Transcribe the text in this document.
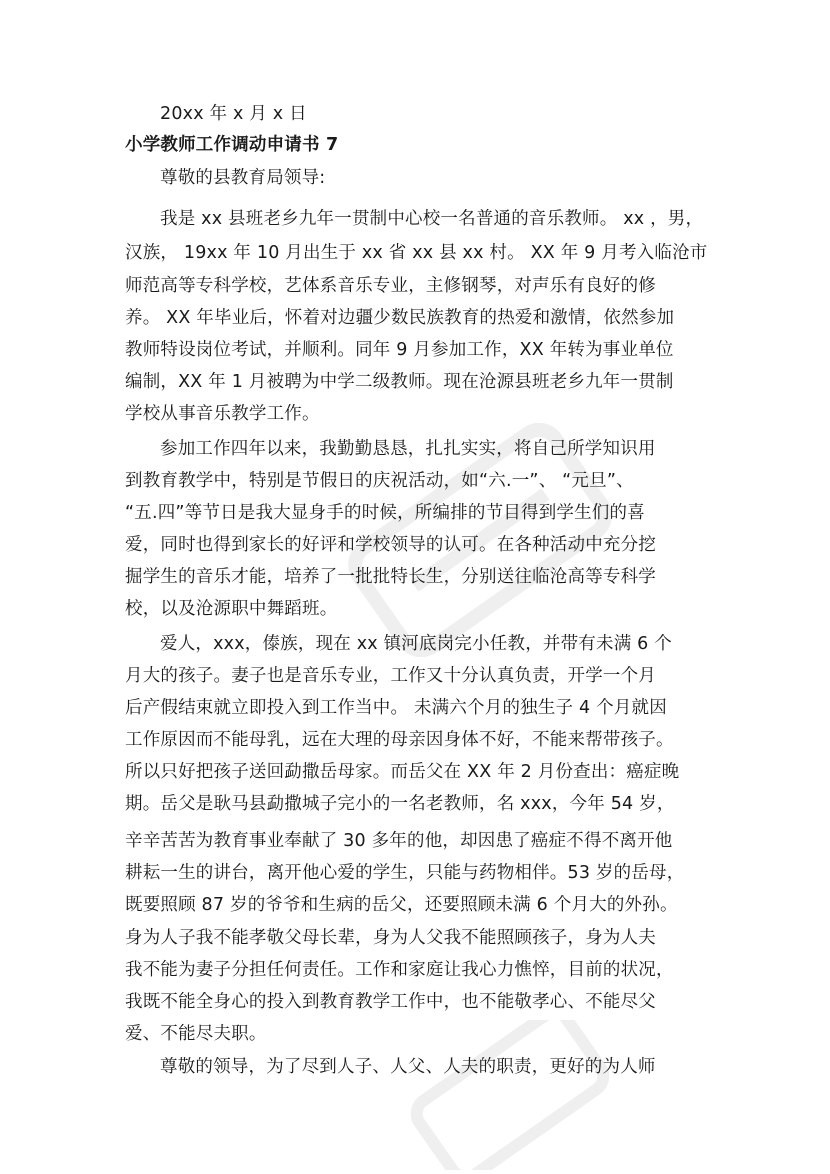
20xx 年 x 月 x 日
小学教师工作调动申请书 7
尊敬的县教育局领导:
我是 xx 县班老乡九年一贯制中心校一名普通的音乐教师。 xx ，男，
汉族， 19xx 年 10 月出生于 xx 省 xx 县 xx 村。 XX 年 9 月考入临沧市
师范高等专科学校，艺体系音乐专业，主修钢琴，对声乐有良好的修
养。 XX 年毕业后，怀着对边疆少数民族教育的热爱和激情，依然参加
教师特设岗位考试，并顺利。同年 9 月参加工作，XX 年转为事业单位
编制，XX 年 1 月被聘为中学二级教师。现在沧源县班老乡九年一贯制
学校从事音乐教学工作。
参加工作四年以来，我勤勤恳恳，扎扎实实，将自己所学知识用
到教育教学中，特别是节假日的庆祝活动，如“六.一”、 “元旦”、
“五.四”等节日是我大显身手的时候，所编排的节目得到学生们的喜
爱，同时也得到家长的好评和学校领导的认可。在各种活动中充分挖
掘学生的音乐才能，培养了一批批特长生，分别送往临沧高等专科学
校，以及沧源职中舞蹈班。
爱人，xxx，傣族，现在 xx 镇河底岗完小任教，并带有未满 6 个
月大的孩子。妻子也是音乐专业，工作又十分认真负责，开学一个月
后产假结束就立即投入到工作当中。 未满六个月的独生子 4 个月就因
工作原因而不能母乳，远在大理的母亲因身体不好，不能来帮带孩子。
所以只好把孩子送回勐撒岳母家。而岳父在 XX 年 2 月份查出：癌症晚
期。岳父是耿马县勐撒城子完小的一名老教师，名 xxx，今年 54 岁，
辛辛苦苦为教育事业奉献了 30 多年的他，却因患了癌症不得不离开他
耕耘一生的讲台，离开他心爱的学生，只能与药物相伴。53 岁的岳母，
既要照顾 87 岁的爷爷和生病的岳父，还要照顾未满 6 个月大的外孙。
身为人子我不能孝敬父母长辈，身为人父我不能照顾孩子，身为人夫
我不能为妻子分担任何责任。工作和家庭让我心力憔悴，目前的状况，
我既不能全身心的投入到教育教学工作中，也不能敬孝心、不能尽父
爱、不能尽夫职。
尊敬的领导，为了尽到人子、人父、人夫的职责，更好的为人师
